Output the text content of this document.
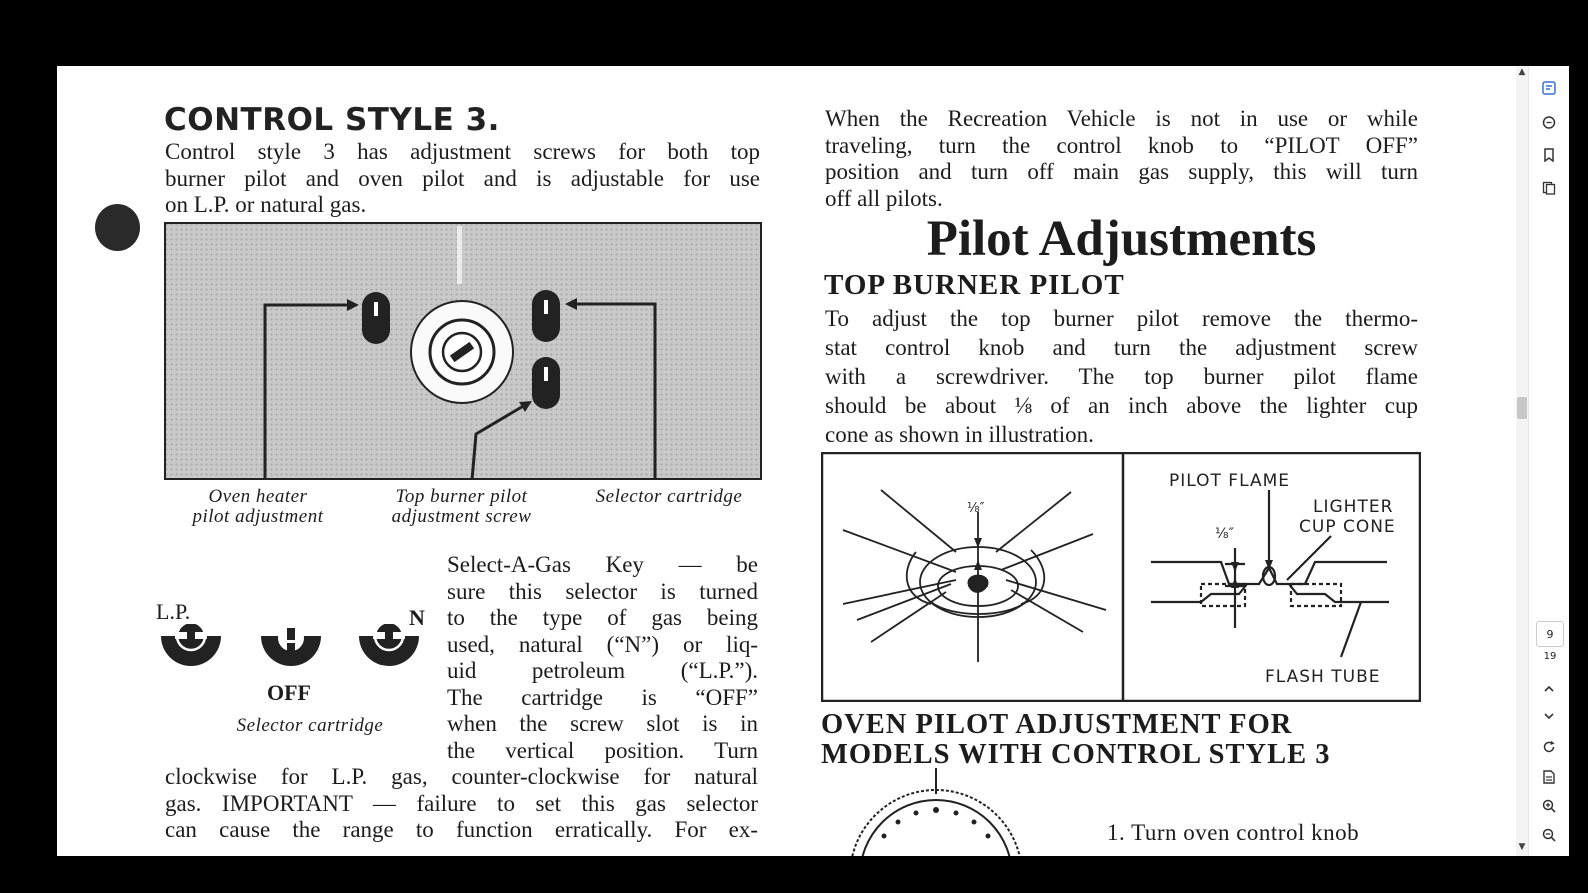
CONTROL STYLE 3.
Control style 3 has adjustment screws for both top
burner pilot and oven pilot and is adjustable for use
on L.P. or natural gas.
Oven heater
pilot adjustment
Top burner pilot
adjustment screw
Selector cartridge
L.P.	N
OFF
Selector cartridge
Select-A-Gas Key — be
sure this selector is turned
to the type of gas being
used, natural (“N”) or liq-
uid petroleum (“L.P.”).
The cartridge is “OFF”
when the screw slot is in
the vertical position. Turn
clockwise for L.P. gas, counter-clockwise for natural
gas. IMPORTANT — failure to set this gas selector
can cause the range to function erratically. For ex-
When the Recreation Vehicle is not in use or while
traveling, turn the control knob to “PILOT OFF”
position and turn off main gas supply, this will turn
off all pilots.
Pilot Adjustments
TOP BURNER PILOT
To adjust the top burner pilot remove the thermo-
stat control knob and turn the adjustment screw
with a screwdriver. The top burner pilot flame
should be about ⅛ of an inch above the lighter cup
cone as shown in illustration.
⅛″
PILOT FLAME
LIGHTER
CUP CONE
⅛″
FLASH TUBE
OVEN PILOT ADJUSTMENT FOR
MODELS WITH CONTROL STYLE 3
1. Turn oven control knob
▲
▼
9
19
